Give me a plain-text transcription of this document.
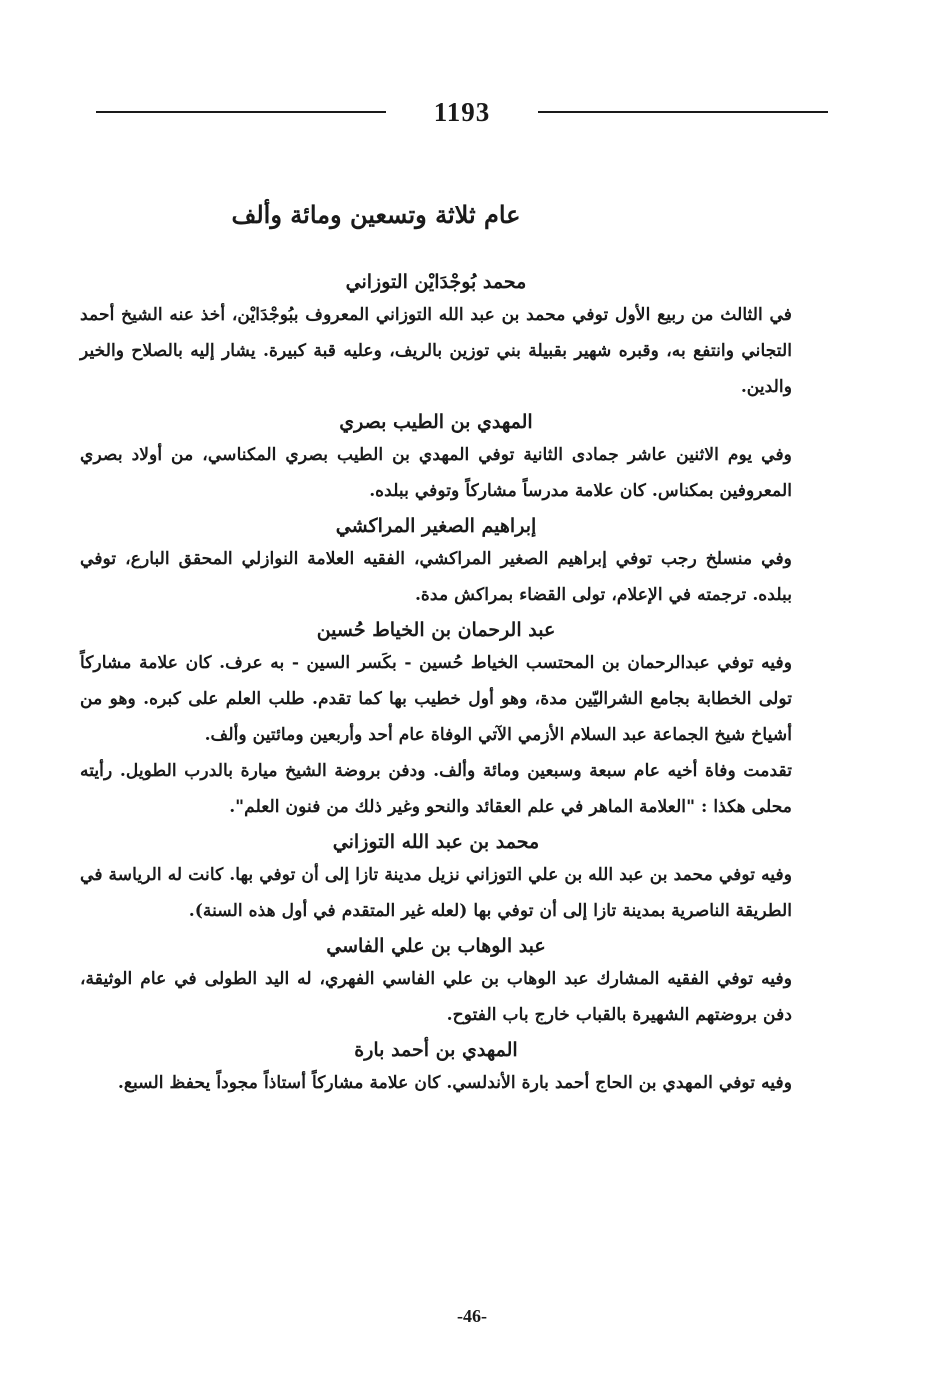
1193
عام ثلاثة وتسعين ومائة وألف
محمد بُوجْدَايْن التوزاني

في الثالث من ربيع الأول توفي محمد بن عبد الله التوزاني المعروف ببُوجْدَايْن، أخذ عنه الشيخ أحمد التجاني وانتفع به، وقبره شهير بقبيلة بني توزين بالريف، وعليه قبة كبيرة. يشار إليه بالصلاح والخير والدين.

المهدي بن الطيب بصري

وفي يوم الاثنين عاشر جمادى الثانية توفي المهدي بن الطيب بصري المكناسي، من أولاد بصري المعروفين بمكناس. كان علامة مدرساً مشاركاً وتوفي ببلده.

إبراهيم الصغير المراكشي

وفي منسلخ رجب توفي إبراهيم الصغير المراكشي، الفقيه العلامة النوازلي المحقق البارع، توفي ببلده. ترجمته في الإعلام، تولى القضاء بمراكش مدة.

عبد الرحمان بن الخياط حُسين

وفيه توفي عبدالرحمان بن المحتسب الخياط حُسين - بكَسر السين - به عرف. كان علامة مشاركاً تولى الخطابة بجامع الشراليّين مدة، وهو أول خطيب بها كما تقدم. طلب العلم على كبره. وهو من أشياخ شيخ الجماعة عبد السلام الأزمي الآتي الوفاة عام أحد وأربعين ومائتين وألف.

تقدمت وفاة أخيه عام سبعة وسبعين ومائة وألف. ودفن بروضة الشيخ ميارة بالدرب الطويل. رأيته محلى هكذا : "العلامة الماهر في علم العقائد والنحو وغير ذلك من فنون العلم".

محمد بن عبد الله التوزاني

وفيه توفي محمد بن عبد الله بن علي التوزاني نزيل مدينة تازا إلى أن توفي بها. كانت له الرياسة في الطريقة الناصرية بمدينة تازا إلى أن توفي بها (لعله غير المتقدم في أول هذه السنة).

عبد الوهاب بن علي الفاسي

وفيه توفي الفقيه المشارك عبد الوهاب بن علي الفاسي الفهري، له اليد الطولى في عام الوثيقة، دفن بروضتهم الشهيرة بالقباب خارج باب الفتوح.

المهدي بن أحمد بارة

وفيه توفي المهدي بن الحاج أحمد بارة الأندلسي. كان علامة مشاركاً أستاذاً مجوداً يحفظ السبع.

-46-
